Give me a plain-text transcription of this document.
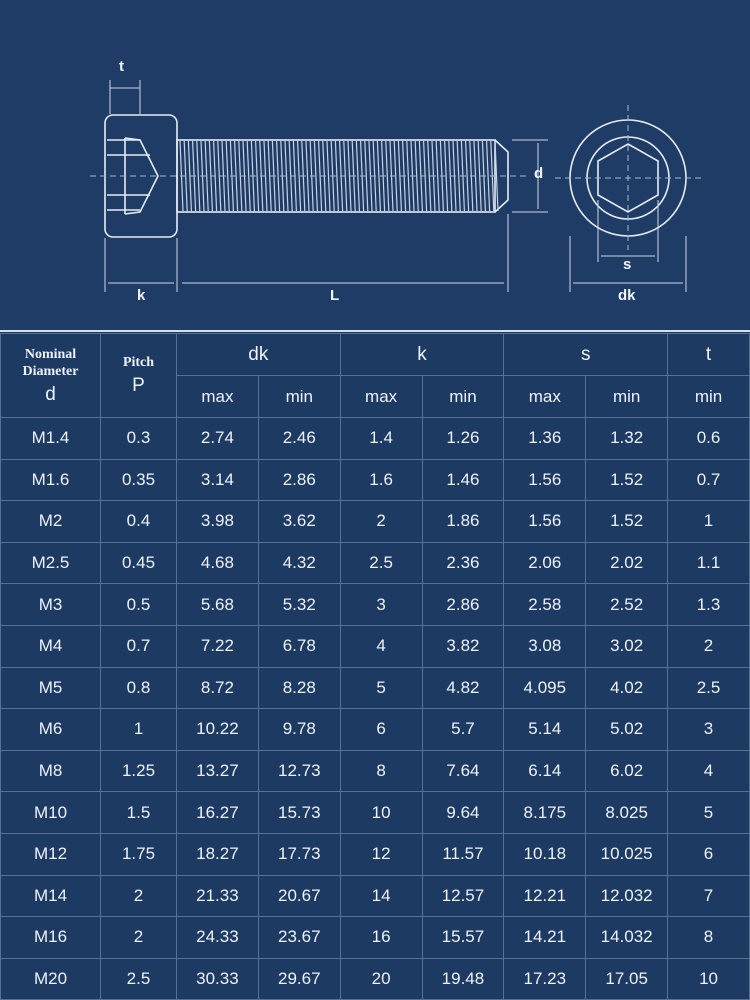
t
k	L
d
s
dk
Nominal Diameter
d	Pitch
P	dk		k		s		t
		max	min	max	min	max	min	min
M1.4	0.3	2.74	2.46	1.4	1.26	1.36	1.32	0.6
M1.6	0.35	3.14	2.86	1.6	1.46	1.56	1.52	0.7
M2	0.4	3.98	3.62	2	1.86	1.56	1.52	1
M2.5	0.45	4.68	4.32	2.5	2.36	2.06	2.02	1.1
M3	0.5	5.68	5.32	3	2.86	2.58	2.52	1.3
M4	0.7	7.22	6.78	4	3.82	3.08	3.02	2
M5	0.8	8.72	8.28	5	4.82	4.095	4.02	2.5
M6	1	10.22	9.78	6	5.7	5.14	5.02	3
M8	1.25	13.27	12.73	8	7.64	6.14	6.02	4
M10	1.5	16.27	15.73	10	9.64	8.175	8.025	5
M12	1.75	18.27	17.73	12	11.57	10.18	10.025	6
M14	2	21.33	20.67	14	12.57	12.21	12.032	7
M16	2	24.33	23.67	16	15.57	14.21	14.032	8
M20	2.5	30.33	29.67	20	19.48	17.23	17.05	10
